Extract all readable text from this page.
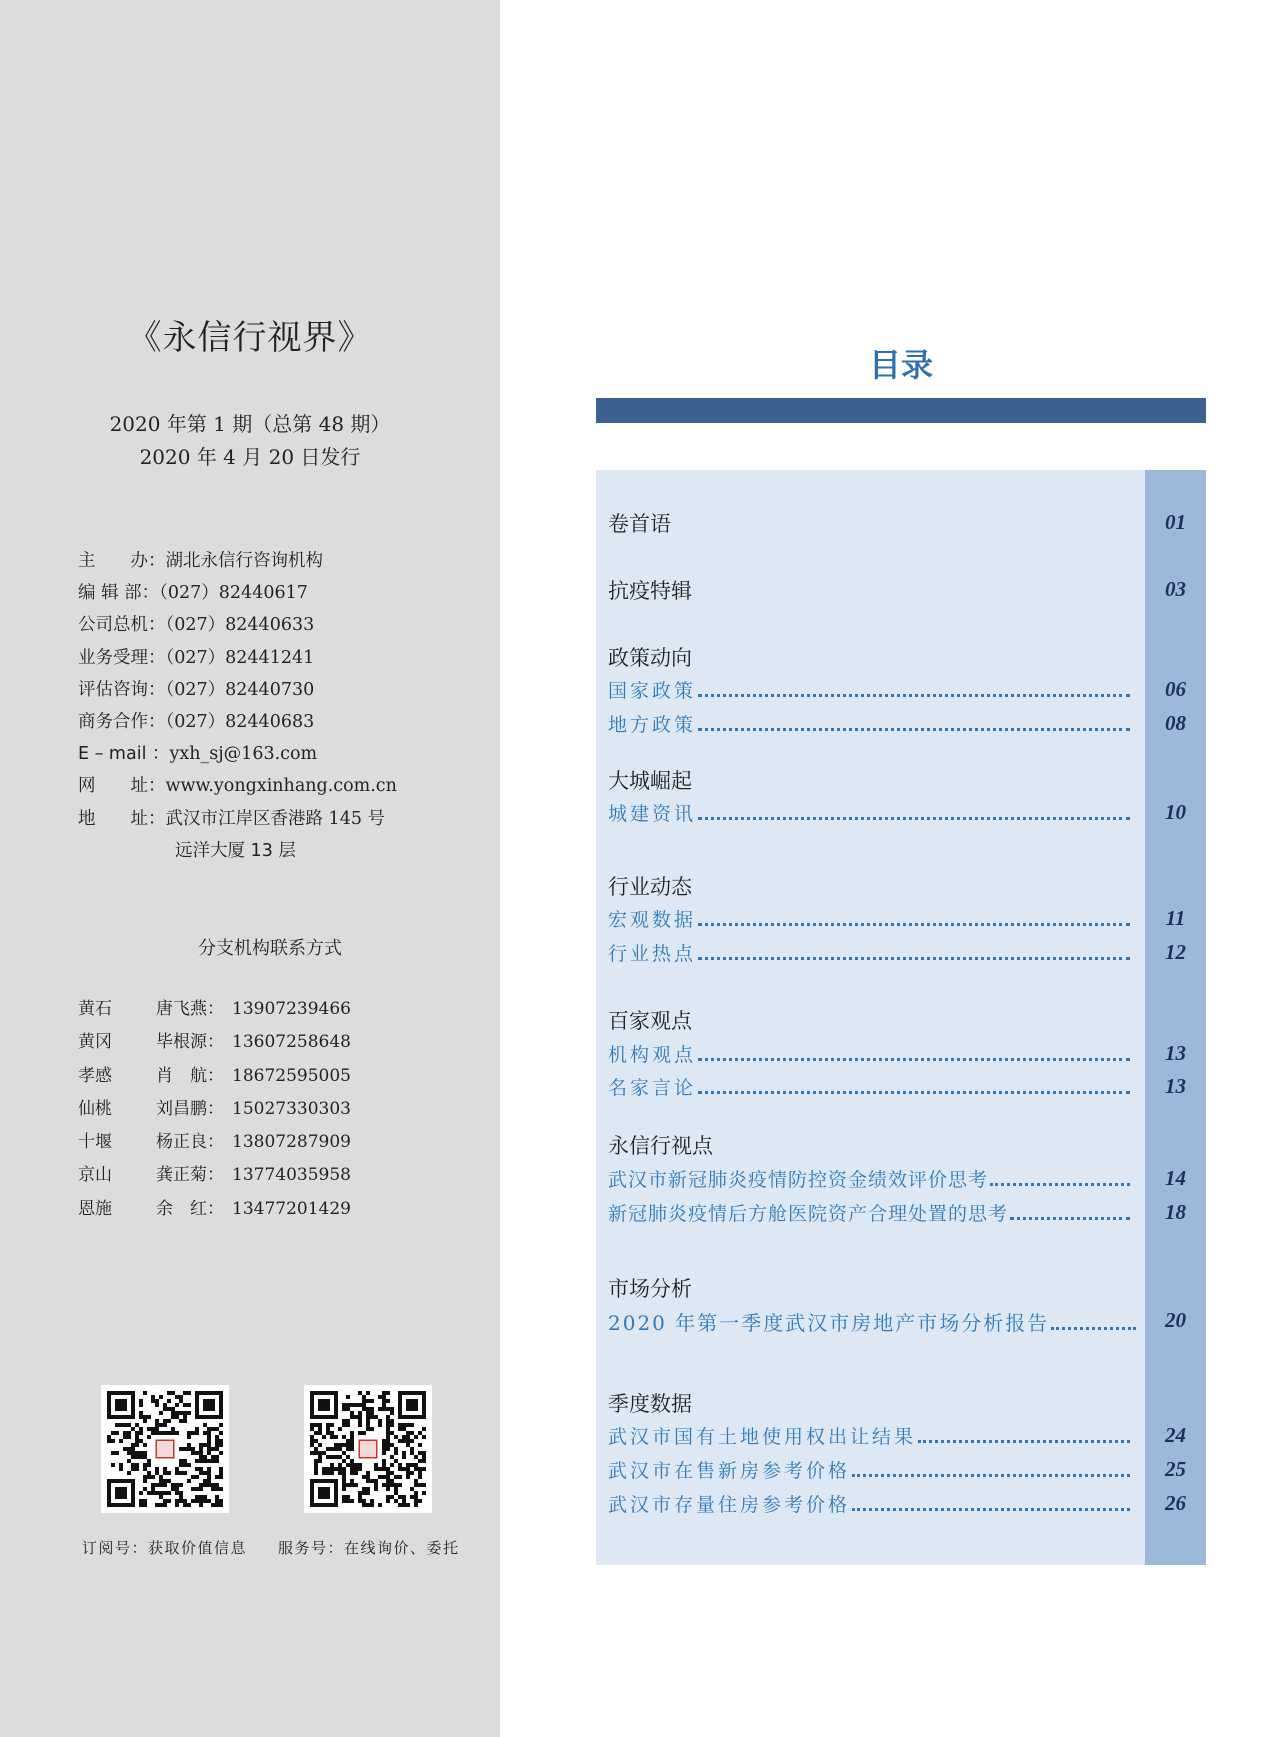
《永信行视界》
2020 年第 1 期（总第 48 期）
2020 年 4 月 20 日发行
主　　办：湖北永信行咨询机构
编 辑 部：（027）82440617
公司总机：（027）82440633
业务受理：（027）82441241
评估咨询：（027）82440730
商务合作：（027）82440683
E – mail ：yxh_sj@163.com
网　　址：www.yongxinhang.com.cn
地　　址：武汉市江岸区香港路 145 号
远洋大厦 13 层
分支机构联系方式
黄石	唐飞燕： 13907239466
黄冈	毕根源： 13607258648
孝感	肖　航： 18672595005
仙桃	刘昌鹏： 15027330303
十堰	杨正良： 13807287909
京山	龚正菊： 13774035958
恩施	余　红： 13477201429
订阅号：获取价值信息 服务号：在线询价、委托
目录
卷首语	01
抗疫特辑	03
政策动向
国家政策	06
地方政策	08
大城崛起
城建资讯	10
行业动态
宏观数据	11
行业热点	12
百家观点
机构观点	13
名家言论	13
永信行视点
武汉市新冠肺炎疫情防控资金绩效评价思考	14
新冠肺炎疫情后方舱医院资产合理处置的思考	18
市场分析
2020 年第一季度武汉市房地产市场分析报告	20
季度数据
武汉市国有土地使用权出让结果	24
武汉市在售新房参考价格	25
武汉市存量住房参考价格	26
